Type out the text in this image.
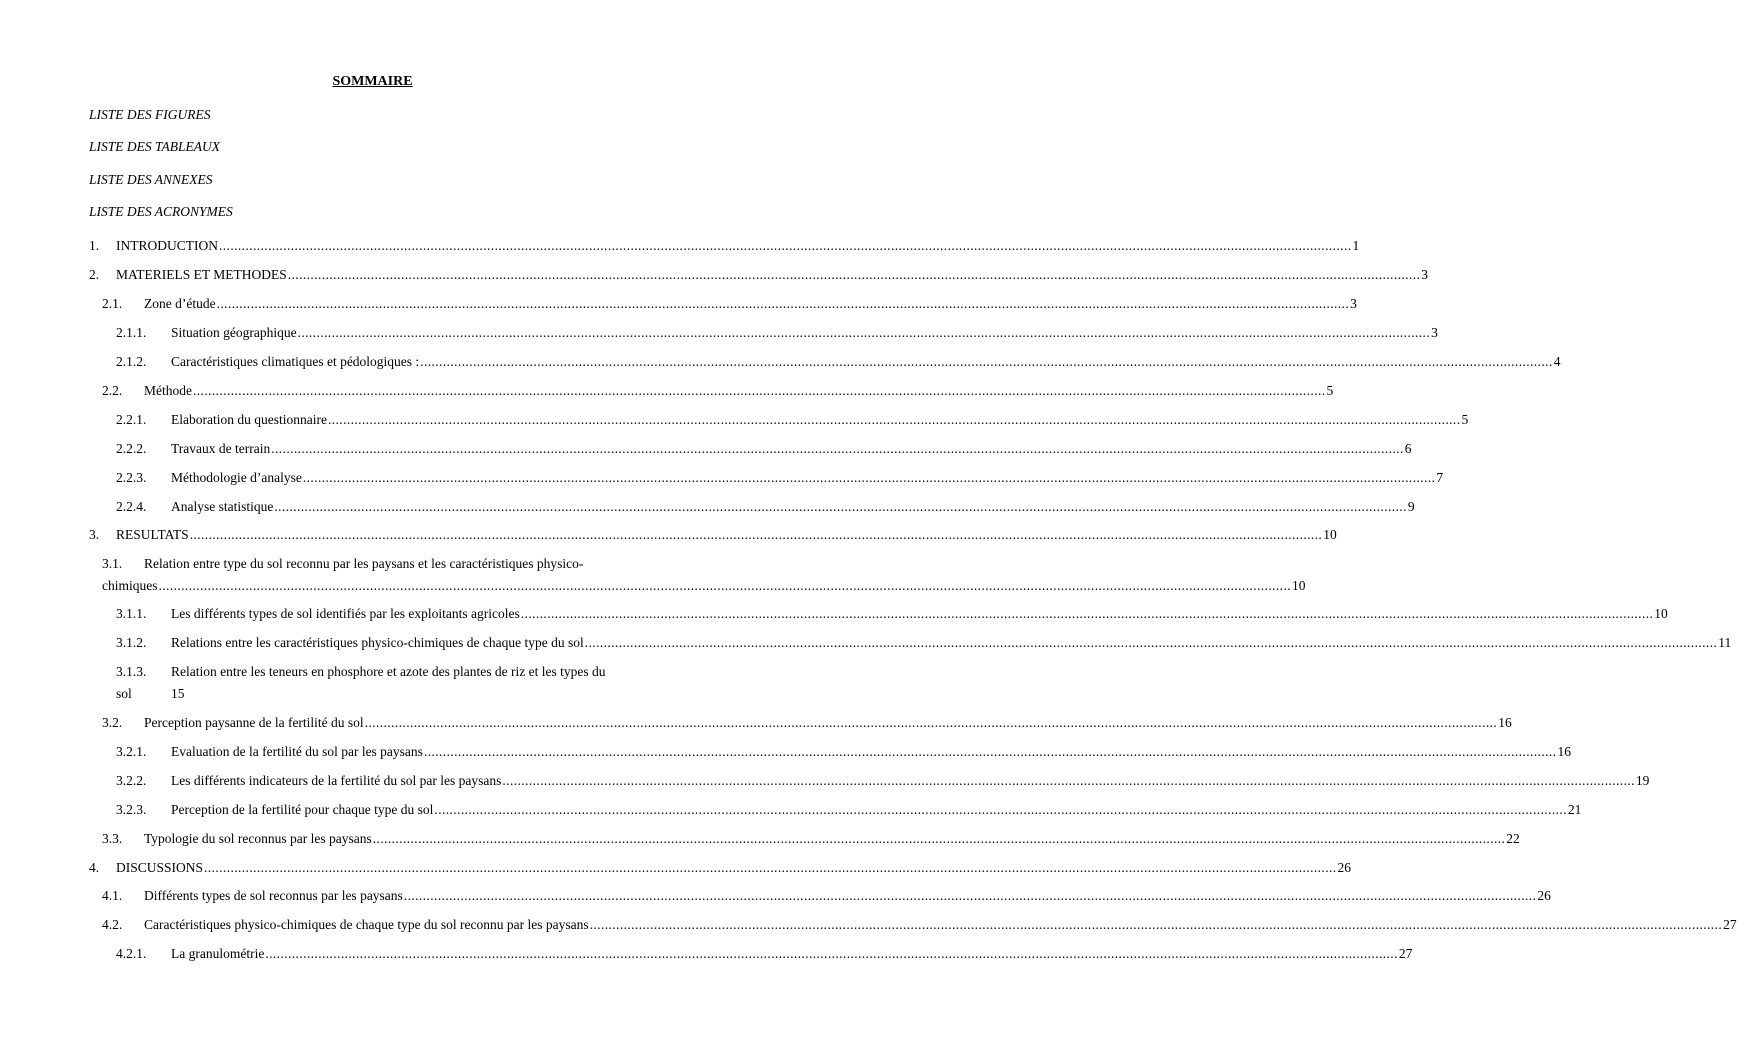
SOMMAIRE
LISTE DES FIGURES
LISTE DES TABLEAUX
LISTE DES ANNEXES
LISTE DES ACRONYMES
1. INTRODUCTION ............................................................................................................................................................................................................................................................................................................ 1
2. MATERIELS ET METHODES ............................................................................................................................................................................................................................................................................................................ 3
2.1. Zone d’étude ............................................................................................................................................................................................................................................................................................................ 3
2.1.1. Situation géographique ............................................................................................................................................................................................................................................................................................................ 3
2.1.2. Caractéristiques climatiques et pédologiques : ............................................................................................................................................................................................................................................................................................................ 4
2.2. Méthode ............................................................................................................................................................................................................................................................................................................ 5
2.2.1. Elaboration du questionnaire ............................................................................................................................................................................................................................................................................................................ 5
2.2.2. Travaux de terrain ............................................................................................................................................................................................................................................................................................................ 6
2.2.3. Méthodologie d’analyse ............................................................................................................................................................................................................................................................................................................ 7
2.2.4. Analyse statistique ............................................................................................................................................................................................................................................................................................................ 9
3. RESULTATS ............................................................................................................................................................................................................................................................................................................ 10
3.1. Relation entre type du sol reconnu par les paysans et les caractéristiques physico-
chimiques ............................................................................................................................................................................................................................................................................................................ 10
3.1.1. Les différents types de sol identifiés par les exploitants agricoles ............................................................................................................................................................................................................................................................................................................ 10
3.1.2. Relations entre les caractéristiques physico-chimiques de chaque type du sol ............................................................................................................................................................................................................................................................................................................ 11
3.1.3. Relation entre les teneurs en phosphore et azote des plantes de riz et les types du
sol	15
3.2. Perception paysanne de la fertilité du sol ............................................................................................................................................................................................................................................................................................................ 16
3.2.1. Evaluation de la fertilité du sol par les paysans ............................................................................................................................................................................................................................................................................................................ 16
3.2.2. Les différents indicateurs de la fertilité du sol par les paysans ............................................................................................................................................................................................................................................................................................................ 19
3.2.3. Perception de la fertilité pour chaque type du sol ............................................................................................................................................................................................................................................................................................................ 21
3.3. Typologie du sol reconnus par les paysans ............................................................................................................................................................................................................................................................................................................ 22
4. DISCUSSIONS ............................................................................................................................................................................................................................................................................................................ 26
4.1. Différents types de sol reconnus par les paysans ............................................................................................................................................................................................................................................................................................................ 26
4.2. Caractéristiques physico-chimiques de chaque type du sol reconnu par les paysans ............................................................................................................................................................................................................................................................................................................ 27
4.2.1. La granulométrie ............................................................................................................................................................................................................................................................................................................ 27
